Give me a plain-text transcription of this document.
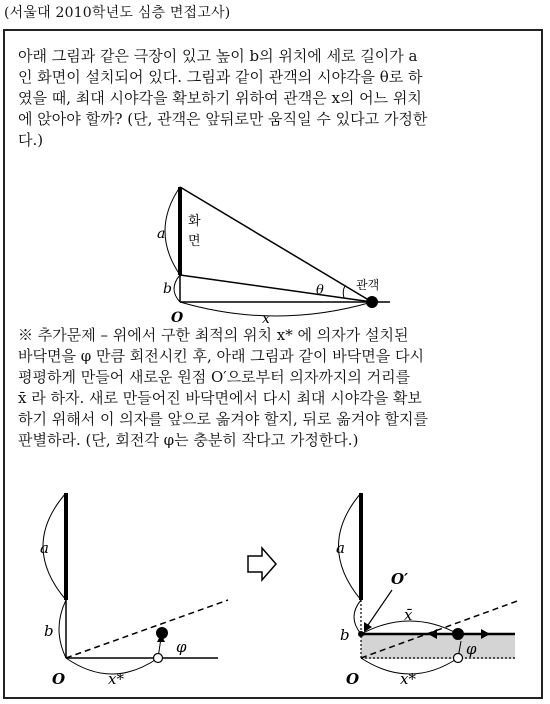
(서울대 2010학년도 심층 면접고사)
아래 그림과 같은 극장이 있고 높이 b의 위치에 세로 길이가 a
인 화면이 설치되어 있다. 그림과 같이 관객의 시야각을 θ로 하
였을 때, 최대 시야각을 확보하기 위하여 관객은 x의 어느 위치
에 앉아야 할까? (단, 관객은 앞뒤로만 움직일 수 있다고 가정한
다.)
화
면
a
b
O
θ	관객
x
※ 추가문제 – 위에서 구한 최적의 위치 x* 에 의자가 설치된
바닥면을 φ 만큼 회전시킨 후, 아래 그림과 같이 바닥면을 다시
평평하게 만들어 새로운 원점 O′으로부터 의자까지의 거리를
x̄ 라 하자. 새로 만들어진 바닥면에서 다시 최대 시야각을 확보
하기 위해서 이 의자를 앞으로 옮겨야 할지, 뒤로 옮겨야 할지를
판별하라. (단, 회전각 φ는 충분히 작다고 가정한다.)
a
b
O	x*
φ
a
b
O
O′
x̄
x*
φ
